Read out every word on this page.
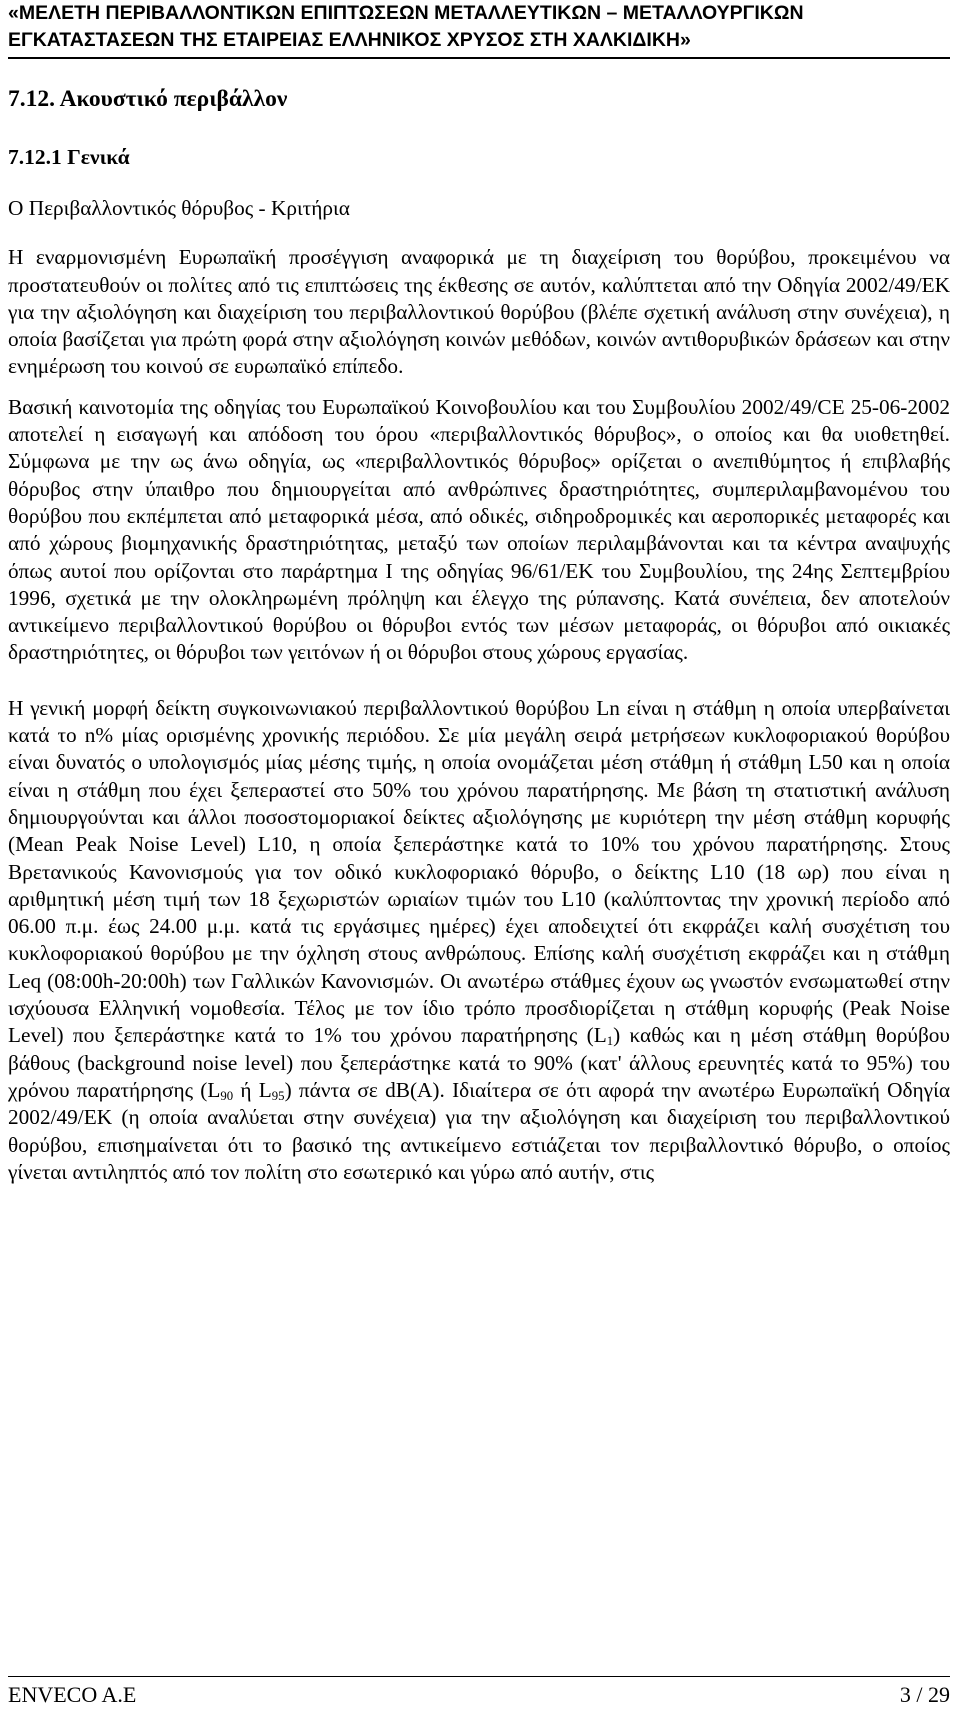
«ΜΕΛΕΤΗ ΠΕΡΙΒΑΛΛΟΝΤΙΚΩΝ ΕΠΙΠΤΩΣΕΩΝ ΜΕΤΑΛΛΕΥΤΙΚΩΝ – ΜΕΤΑΛΛΟΥΡΓΙΚΩΝ ΕΓΚΑΤΑΣΤΑΣΕΩΝ ΤΗΣ ΕΤΑΙΡΕΙΑΣ ΕΛΛΗΝΙΚΟΣ ΧΡΥΣΟΣ ΣΤΗ ΧΑΛΚΙΔΙΚΗ»
7.12. Ακουστικό περιβάλλον
7.12.1 Γενικά
Ο Περιβαλλοντικός θόρυβος - Κριτήρια

Η εναρμονισμένη Ευρωπαϊκή προσέγγιση αναφορικά με τη διαχείριση του θορύβου, προκειμένου να προστατευθούν οι πολίτες από τις επιπτώσεις της έκθεσης σε αυτόν, καλύπτεται από την Οδηγία 2002/49/ΕΚ για την αξιολόγηση και διαχείριση του περιβαλλοντικού θορύβου (βλέπε σχετική ανάλυση στην συνέχεια), η οποία βασίζεται για πρώτη φορά στην αξιολόγηση κοινών μεθόδων, κοινών αντιθορυβικών δράσεων και στην ενημέρωση του κοινού σε ευρωπαϊκό επίπεδο.

Βασική καινοτομία της οδηγίας του Ευρωπαϊκού Κοινοβουλίου και του Συμβουλίου 2002/49/CE 25-06-2002 αποτελεί η εισαγωγή και απόδοση του όρου «περιβαλλοντικός θόρυβος», ο οποίος και θα υιοθετηθεί. Σύμφωνα με την ως άνω οδηγία, ως «περιβαλλοντικός θόρυβος» ορίζεται ο ανεπιθύμητος ή επιβλαβής θόρυβος στην ύπαιθρο που δημιουργείται από ανθρώπινες δραστηριότητες, συμπεριλαμβανομένου του θορύβου που εκπέμπεται από μεταφορικά μέσα, από οδικές, σιδηροδρομικές και αεροπορικές μεταφορές και από χώρους βιομηχανικής δραστηριότητας, μεταξύ των οποίων περιλαμβάνονται και τα κέντρα αναψυχής όπως αυτοί που ορίζονται στο παράρτημα Ι της οδηγίας 96/61/ΕΚ του Συμβουλίου, της 24ης Σεπτεμβρίου 1996, σχετικά με την ολοκληρωμένη πρόληψη και έλεγχο της ρύπανσης. Κατά συνέπεια, δεν αποτελούν αντικείμενο περιβαλλοντικού θορύβου οι θόρυβοι εντός των μέσων μεταφοράς, οι θόρυβοι από οικιακές δραστηριότητες, οι θόρυβοι των γειτόνων ή οι θόρυβοι στους χώρους εργασίας.

Η γενική μορφή δείκτη συγκοινωνιακού περιβαλλοντικού θορύβου Ln είναι η στάθμη η οποία υπερβαίνεται κατά το n% μίας ορισμένης χρονικής περιόδου. Σε μία μεγάλη σειρά μετρήσεων κυκλοφοριακού θορύβου είναι δυνατός ο υπολογισμός μίας μέσης τιμής, η οποία ονομάζεται μέση στάθμη ή στάθμη L50 και η οποία είναι η στάθμη που έχει ξεπεραστεί στο 50% του χρόνου παρατήρησης. Με βάση τη στατιστική ανάλυση δημιουργούνται και άλλοι ποσοστομοριακοί δείκτες αξιολόγησης με κυριότερη την μέση στάθμη κορυφής (Mean Peak Noise Level) L10, η οποία ξεπεράστηκε κατά το 10% του χρόνου παρατήρησης. Στους Βρετανικούς Κανονισμούς για τον οδικό κυκλοφοριακό θόρυβο, ο δείκτης L10 (18 ωρ) που είναι η αριθμητική μέση τιμή των 18 ξεχωριστών ωριαίων τιμών του L10 (καλύπτοντας την χρονική περίοδο από 06.00 π.μ. έως 24.00 μ.μ. κατά τις εργάσιμες ημέρες) έχει αποδειχτεί ότι εκφράζει καλή συσχέτιση του κυκλοφοριακού θορύβου με την όχληση στους ανθρώπους. Επίσης καλή συσχέτιση εκφράζει και η στάθμη Leq (08:00h-20:00h) των Γαλλικών Κανονισμών. Οι ανωτέρω στάθμες έχουν ως γνωστόν ενσωματωθεί στην ισχύουσα Ελληνική νομοθεσία. Τέλος με τον ίδιο τρόπο προσδιορίζεται η στάθμη κορυφής (Peak Noise Level) που ξεπεράστηκε κατά το 1% του χρόνου παρατήρησης $(L_1)$ καθώς και η μέση στάθμη θορύβου βάθους (background noise level) που ξεπεράστηκε κατά το 90% (κατ' άλλους ερευνητές κατά το 95%) του χρόνου παρατήρησης ($L_{90}$ ή $L_{95}$) πάντα σε dB(A). Ιδιαίτερα σε ότι αφορά την ανωτέρω Ευρωπαϊκή Οδηγία 2002/49/ΕΚ (η οποία αναλύεται στην συνέχεια) για την αξιολόγηση και διαχείριση του περιβαλλοντικού θορύβου, επισημαίνεται ότι το βασικό της αντικείμενο εστιάζεται τον περιβαλλοντικό θόρυβο, ο οποίος γίνεται αντιληπτός από τον πολίτη στο εσωτερικό και γύρω από αυτήν, στις

ENVECO A.E	3 / 29
